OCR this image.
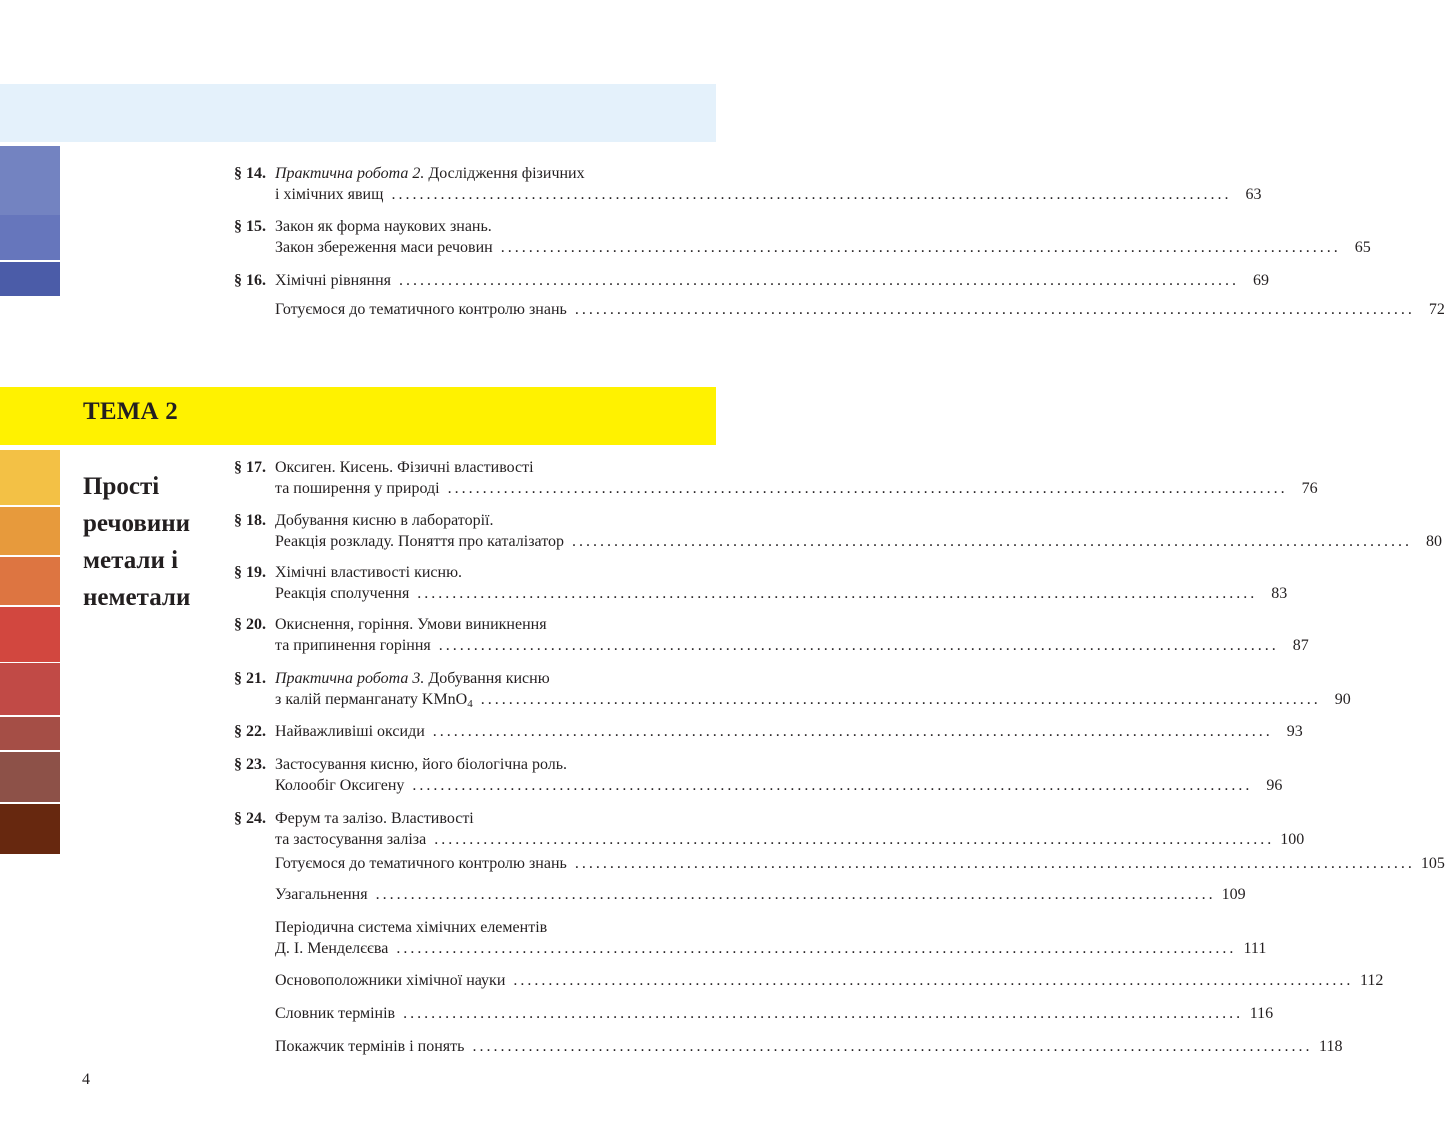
§ 14. Практична робота 2. Дослідження фізичних
і хімічних явищ ........................................................................................................................ 63
§ 15. Закон як форма наукових знань.
Закон збереження маси речовин ........................................................................................................................ 65
§ 16. Хімічні рівняння ........................................................................................................................ 69
Готуємося до тематичного контролю знань ........................................................................................................................ 72
ТЕМА 2
Прості речовини метали і неметали
§ 17. Оксиген. Кисень. Фізичні властивості
та поширення у природі ........................................................................................................................ 76
§ 18. Добування кисню в лабораторії.
Реакція розкладу. Поняття про каталізатор ........................................................................................................................ 80
§ 19. Хімічні властивості кисню.
Реакція сполучення ........................................................................................................................ 83
§ 20. Окиснення, горіння. Умови виникнення
та припинення горіння ........................................................................................................................ 87
§ 21. Практична робота 3. Добування кисню
з калій перманганату KMnO$_4$ ........................................................................................................................ 90
§ 22. Найважливіші оксиди ........................................................................................................................ 93
§ 23. Застосування кисню, його біологічна роль.
Колообіг Оксигену ........................................................................................................................ 96
§ 24. Ферум та залізо. Властивості
та застосування заліза ........................................................................................................................ 100
Готуємося до тематичного контролю знань ........................................................................................................................ 105
Узагальнення ........................................................................................................................ 109
Періодична система хімічних елементів
Д. І. Менделєєва ........................................................................................................................ 111
Основоположники хімічної науки ........................................................................................................................ 112
Словник термінів ........................................................................................................................ 116
Покажчик термінів і понять ........................................................................................................................ 118
4
